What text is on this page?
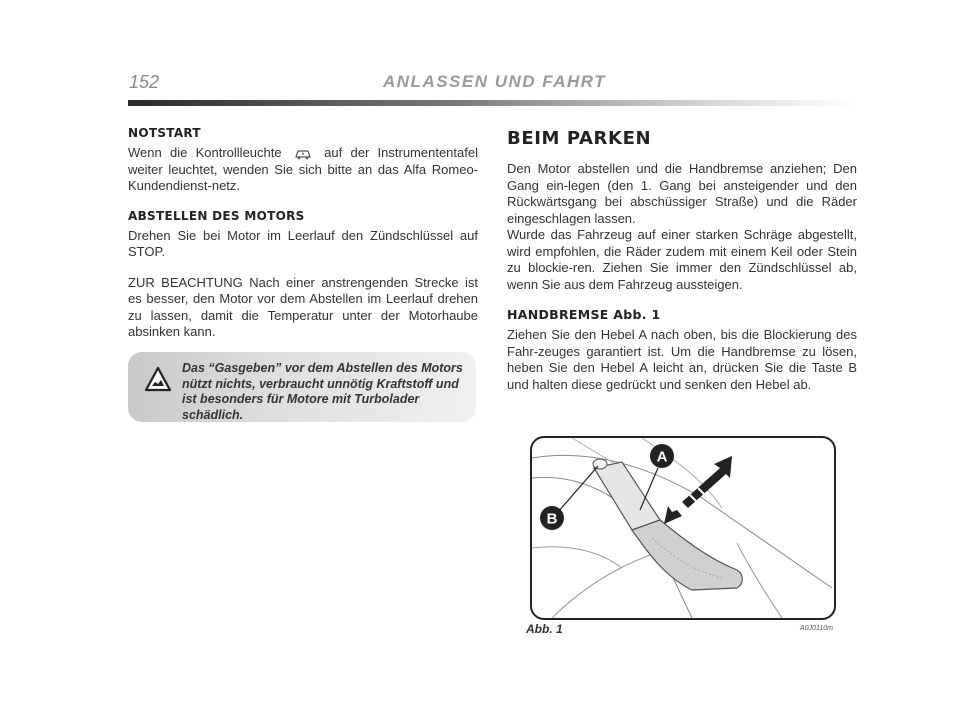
152	ANLASSEN UND FAHRT
NOTSTART

Wenn die Kontrollleuchte	auf der Instrumententafel weiter leuchtet, wenden Sie sich bitte an das Alfa Romeo-Kundendienst-netz.

ABSTELLEN DES MOTORS

Drehen Sie bei Motor im Leerlauf den Zündschlüssel auf STOP.

ZUR BEACHTUNG Nach einer anstrengenden Strecke ist es besser, den Motor vor dem Abstellen im Leerlauf drehen zu lassen, damit die Temperatur unter der Motorhaube absinken kann.

Das “Gasgeben” vor dem Abstellen des Motors nützt nichts, verbraucht unnötig Kraftstoff und ist besonders für Motore mit Turbolader schädlich.

BEIM PARKEN

Den Motor abstellen und die Handbremse anziehen; Den Gang ein-legen (den 1. Gang bei ansteigender und den Rückwärtsgang bei abschüssiger Straße) und die Räder eingeschlagen lassen.

Wurde das Fahrzeug auf einer starken Schräge abgestellt, wird empfohlen, die Räder zudem mit einem Keil oder Stein zu blockie-ren. Ziehen Sie immer den Zündschlüssel ab, wenn Sie aus dem Fahrzeug aussteigen.

HANDBREMSE Abb. 1

Ziehen Sie den Hebel A nach oben, bis die Blockierung des Fahr-zeuges garantiert ist. Um die Handbremse zu lösen, heben Sie den Hebel A leicht an, drücken Sie die Taste B und halten diese gedrückt und senken den Hebel ab.

A
B
Abb. 1	A0J0110m
